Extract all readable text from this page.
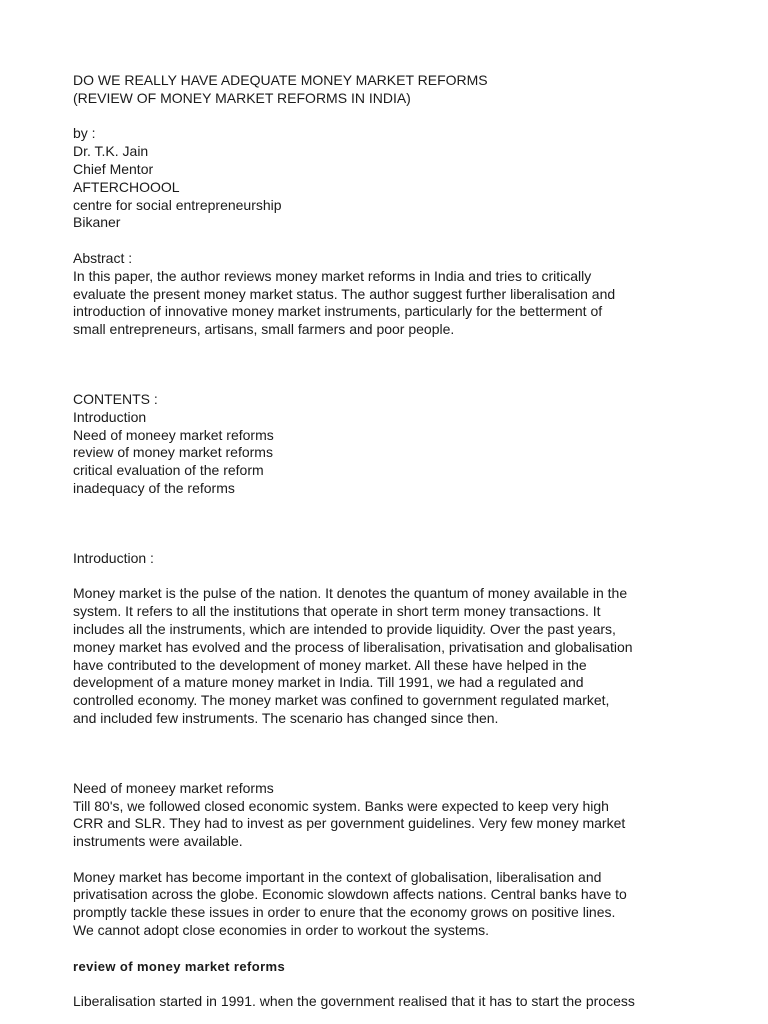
DO WE REALLY HAVE ADEQUATE MONEY MARKET REFORMS
(REVIEW OF MONEY MARKET REFORMS IN INDIA)
by :
Dr. T.K. Jain
Chief Mentor
AFTERCHOOOL
centre for social entrepreneurship
Bikaner
Abstract :
In this paper, the author reviews money market reforms in India and tries to critically
evaluate the present money market status. The author suggest further liberalisation and
introduction of innovative money market instruments, particularly for the betterment of
small entrepreneurs, artisans, small farmers and poor people.
CONTENTS :
Introduction
Need of moneey market reforms
review of money market reforms
critical evaluation of the reform
inadequacy of the reforms
Introduction :
Money market is the pulse of the nation. It denotes the quantum of money available in the
system. It refers to all the institutions that operate in short term money transactions. It
includes all the instruments, which are intended to provide liquidity. Over the past years,
money market has evolved and the process of liberalisation, privatisation and globalisation
have contributed to the development of money market. All these have helped in the
development of a mature money market in India. Till 1991, we had a regulated and
controlled economy. The money market was confined to government regulated market,
and included few instruments. The scenario has changed since then.
Need of moneey market reforms
Till 80's, we followed closed economic system. Banks were expected to keep very high
CRR and SLR. They had to invest as per government guidelines. Very few money market
instruments were available.
Money market has become important in the context of globalisation, liberalisation and
privatisation across the globe. Economic slowdown affects nations. Central banks have to
promptly tackle these issues in order to enure that the economy grows on positive lines.
We cannot adopt close economies in order to workout the systems.
review of money market reforms
Liberalisation started in 1991. when the government realised that it has to start the process
